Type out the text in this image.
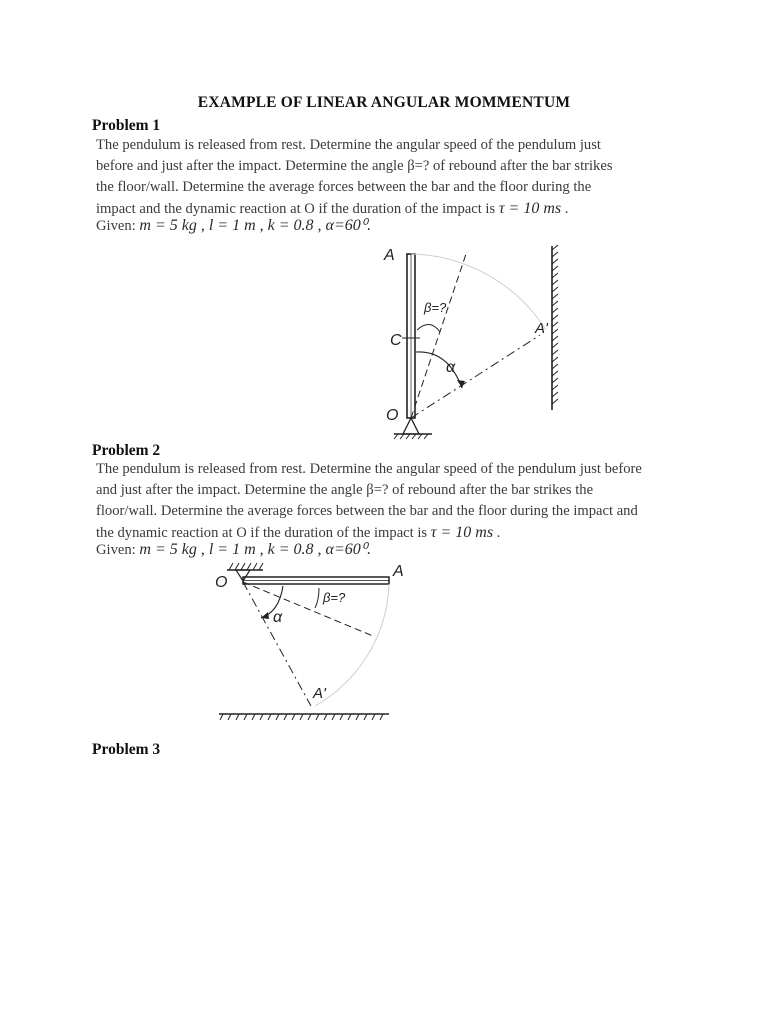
EXAMPLE OF LINEAR ANGULAR MOMMENTUM
Problem 1
The pendulum is released from rest. Determine the angular speed of the pendulum just
before and just after the impact. Determine the angle β=? of rebound after the bar strikes
the floor/wall. Determine the average forces between the bar and the floor during the
impact and the dynamic reaction at O if the duration of the impact is τ = 10 ms .
Given: m = 5 kg , l = 1 m , k = 0.8 , α=60⁰.
A
C
O
β=?
α
A'
Problem 2
The pendulum is released from rest. Determine the angular speed of the pendulum just before
and just after the impact. Determine the angle β=? of rebound after the bar strikes the
floor/wall. Determine the average forces between the bar and the floor during the impact and
the dynamic reaction at O if the duration of the impact is τ = 10 ms .
Given: m = 5 kg , l = 1 m , k = 0.8 , α=60⁰.
O
A
α
β=?
A'
Problem 3
